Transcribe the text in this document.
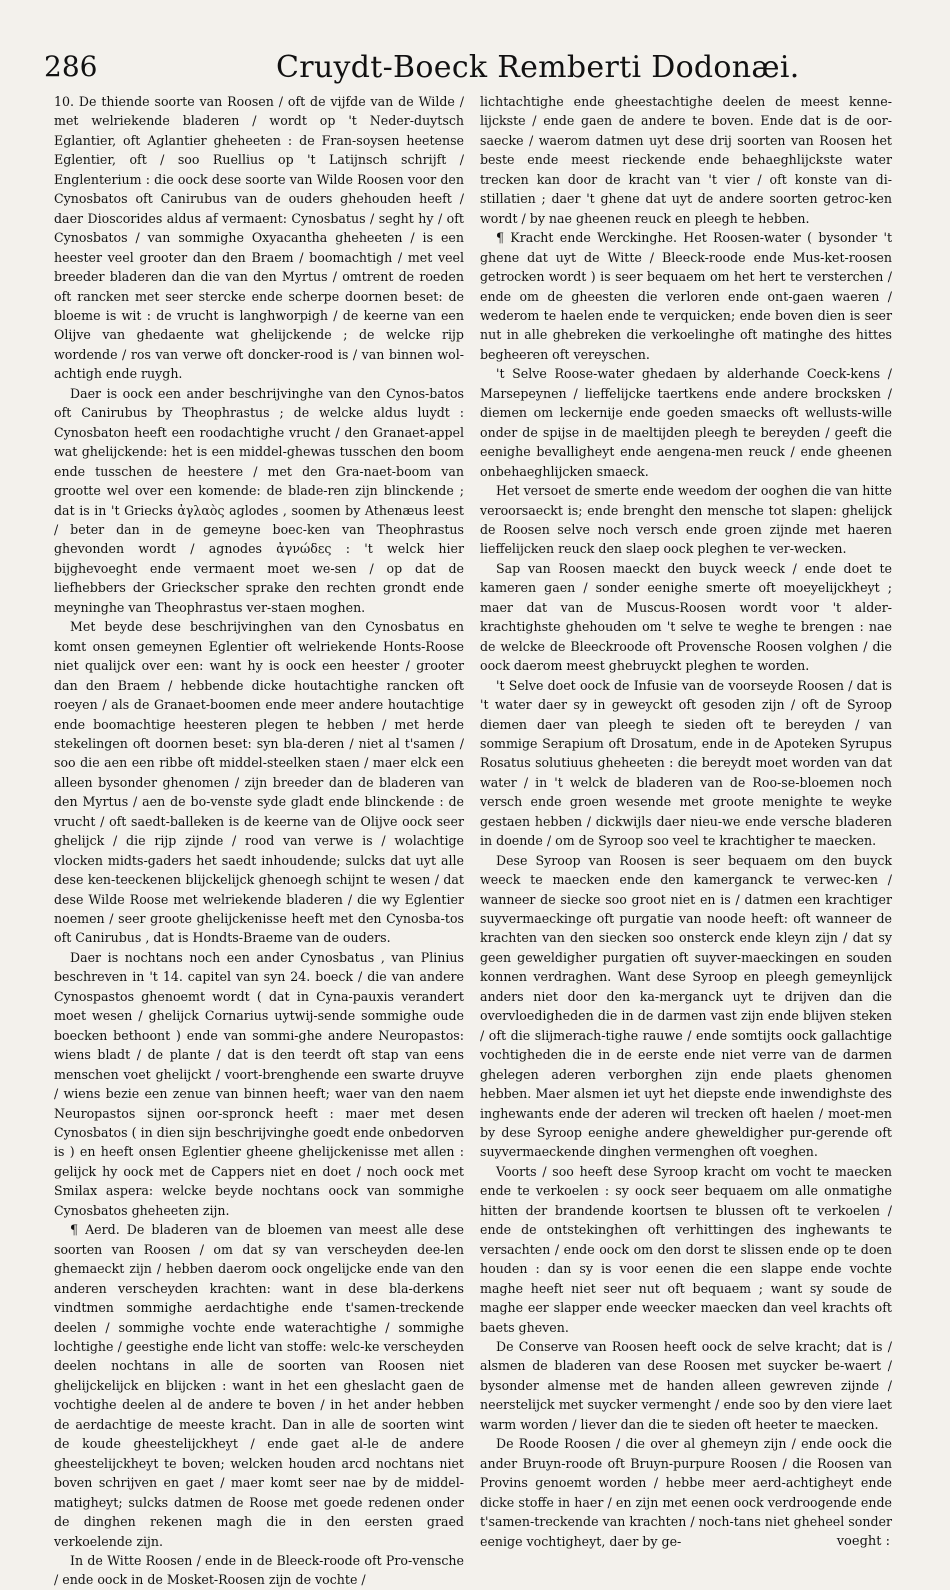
286	Cruydt-Boeck Remberti Dodonæi.

10. De thiende soorte van Roosen / oft de vijfde van de Wilde / met welriekende bladeren / wordt op 't Neder-duytsch Eglantier, oft Aglantier gheheeten : de Fran-soysen heetense Eglentier, oft / soo Ruellius op 't Latijnsch schrijft / Englenterium : die oock dese soorte van Wilde Roosen voor den Cynosbatos oft Canirubus van de ouders ghehouden heeft / daer Dioscorides aldus af vermaent: Cynosbatus / seght hy / oft Cynosbatos / van sommighe Oxyacantha gheheeten / is een heester veel grooter dan den Braem / boomachtigh / met veel breeder bladeren dan die van den Myrtus / omtrent de roeden oft rancken met seer stercke ende scherpe doornen beset: de bloeme is wit : de vrucht is langhworpigh / de keerne van een Olijve van ghedaente wat ghelijckende ; de welcke rijp wordende / ros van verwe oft doncker-rood is / van binnen wol-achtigh ende ruygh.

Daer is oock een ander beschrijvinghe van den Cynos-batos oft Canirubus by Theophrastus ; de welcke aldus luydt : Cynosbaton heeft een roodachtighe vrucht / den Granaet-appel wat ghelijckende: het is een middel-ghewas tusschen den boom ende tusschen de heestere / met den Gra-naet-boom van grootte wel over een komende: de blade-ren zijn blinckende ; dat is in 't Griecks ἀγλαὸς aglodes , soomen by Athenæus leest / beter dan in de gemeyne boec-ken van Theophrastus ghevonden wordt / agnodes ἀγνώδες : 't welck hier bijghevoeght ende vermaent moet we-sen / op dat de liefhebbers der Grieckscher sprake den rechten grondt ende meyninghe van Theophrastus ver-staen moghen.

Met beyde dese beschrijvinghen van den Cynosbatus en komt onsen gemeynen Eglentier oft welriekende Honts-Roose niet qualijck over een: want hy is oock een heester / grooter dan den Braem / hebbende dicke houtachtighe rancken oft roeyen / als de Granaet-boomen ende meer andere houtachtige ende boomachtige heesteren plegen te hebben / met herde stekelingen oft doornen beset: syn bla-deren / niet al t'samen / soo die aen een ribbe oft middel-steelken staen / maer elck een alleen bysonder ghenomen / zijn breeder dan de bladeren van den Myrtus / aen de bo-venste syde gladt ende blinckende : de vrucht / oft saedt-balleken is de keerne van de Olijve oock seer ghelijck / die rijp zijnde / rood van verwe is / wolachtige vlocken midts-gaders het saedt inhoudende; sulcks dat uyt alle dese ken-teeckenen blijckelijck ghenoegh schijnt te wesen / dat dese Wilde Roose met welriekende bladeren / die wy Eglentier noemen / seer groote ghelijckenisse heeft met den Cynosba-tos oft Canirubus , dat is Hondts-Braeme van de ouders.

Daer is nochtans noch een ander Cynosbatus , van Plinius beschreven in 't 14. capitel van syn 24. boeck / die van andere Cynospastos ghenoemt wordt ( dat in Cyna-pauxis verandert moet wesen / ghelijck Cornarius uytwij-sende sommighe oude boecken bethoont ) ende van sommi-ghe andere Neuropastos: wiens bladt / de plante / dat is den teerdt oft stap van eens menschen voet ghelijckt / voort-brenghende een swarte druyve / wiens bezie een zenue van binnen heeft; waer van den naem Neuropastos sijnen oor-spronck heeft : maer met desen Cynosbatos ( in dien sijn beschrijvinghe goedt ende onbedorven is ) en heeft onsen Eglentier gheene ghelijckenisse met allen : gelijck hy oock met de Cappers niet en doet / noch oock met Smilax aspera: welcke beyde nochtans oock van sommighe Cynosbatos gheheeten zijn.

¶ Aerd. De bladeren van de bloemen van meest alle dese soorten van Roosen / om dat sy van verscheyden dee-len ghemaeckt zijn / hebben daerom oock ongelijcke ende van den anderen verscheyden krachten: want in dese bla-derkens vindtmen sommighe aerdachtighe ende t'samen-treckende deelen / sommighe vochte ende waterachtighe / sommighe lochtighe / geestighe ende licht van stoffe: welc-ke verscheyden deelen nochtans in alle de soorten van Roosen niet ghelijckelijck en blijcken : want in het een gheslacht gaen de vochtighe deelen al de andere te boven / in het ander hebben de aerdachtige de meeste kracht. Dan in alle de soorten wint de koude gheestelijckheyt / ende gaet al-le de andere gheestelijckheyt te boven; welcken houden arcd nochtans niet boven schrijven en gaet / maer komt seer nae by de middel-matigheyt; sulcks datmen de Roose met goede redenen onder de dinghen rekenen magh die in den eersten graed verkoelende zijn.

In de Witte Roosen / ende in de Bleeck-roode oft Pro-vensche / ende oock in de Mosket-Roosen zijn de vochte /

lichtachtighe ende gheestachtighe deelen de meest kenne-lijckste / ende gaen de andere te boven. Ende dat is de oor-saecke / waerom datmen uyt dese drij soorten van Roosen het beste ende meest rieckende ende behaeghlijckste water trecken kan door de kracht van 't vier / oft konste van di-stillatien ; daer 't ghene dat uyt de andere soorten getroc-ken wordt / by nae gheenen reuck en pleegh te hebben.

¶ Kracht ende Werckinghe. Het Roosen-water ( bysonder 't ghene dat uyt de Witte / Bleeck-roode ende Mus-ket-roosen getrocken wordt ) is seer bequaem om het hert te versterchen / ende om de gheesten die verloren ende ont-gaen waeren / wederom te haelen ende te verquicken; ende boven dien is seer nut in alle ghebreken die verkoelinghe oft matinghe des hittes begheeren oft vereyschen.

't Selve Roose-water ghedaen by alderhande Coeck-kens / Marsepeynen / lieffelijcke taertkens ende andere brocksken / diemen om leckernije ende goeden smaecks oft wellusts-wille onder de spijse in de maeltijden pleegh te bereyden / geeft die eenighe bevalligheyt ende aengena-men reuck / ende gheenen onbehaeghlijcken smaeck.

Het versoet de smerte ende weedom der ooghen die van hitte veroorsaeckt is; ende brenght den mensche tot slapen: ghelijck de Roosen selve noch versch ende groen zijnde met haeren lieffelijcken reuck den slaep oock pleghen te ver-wecken.

Sap van Roosen maeckt den buyck weeck / ende doet te kameren gaen / sonder eenighe smerte oft moeyelijckheyt ; maer dat van de Muscus-Roosen wordt voor 't alder-krachtighste ghehouden om 't selve te weghe te brengen : nae de welcke de Bleeckroode oft Provensche Roosen volghen / die oock daerom meest ghebruyckt pleghen te worden.

't Selve doet oock de Infusie van de voorseyde Roosen / dat is 't water daer sy in geweyckt oft gesoden zijn / oft de Syroop diemen daer van pleegh te sieden oft te bereyden / van sommige Serapium oft Drosatum, ende in de Apoteken Syrupus Rosatus solutiuus gheheeten : die bereydt moet worden van dat water / in 't welck de bladeren van de Roo-se-bloemen noch versch ende groen wesende met groote menighte te weyke gestaen hebben / dickwijls daer nieu-we ende versche bladeren in doende / om de Syroop soo veel te krachtigher te maecken.

Dese Syroop van Roosen is seer bequaem om den buyck weeck te maecken ende den kamerganck te verwec-ken / wanneer de siecke soo groot niet en is / datmen een krachtiger suyvermaeckinge oft purgatie van noode heeft: oft wanneer de krachten van den siecken soo onsterck ende kleyn zijn / dat sy geen geweldigher purgatien oft suyver-maeckingen en souden konnen verdraghen. Want dese Syroop en pleegh gemeynlijck anders niet door den ka-merganck uyt te drijven dan die overvloedigheden die in de darmen vast zijn ende blijven steken / oft die slijmerach-tighe rauwe / ende somtijts oock gallachtige vochtigheden die in de eerste ende niet verre van de darmen ghelegen aderen verborghen zijn ende plaets ghenomen hebben. Maer alsmen iet uyt het diepste ende inwendighste des inghewants ende der aderen wil trecken oft haelen / moet-men by dese Syroop eenighe andere gheweldigher pur-gerende oft suyvermaeckende dinghen vermenghen oft voeghen.

Voorts / soo heeft dese Syroop kracht om vocht te maecken ende te verkoelen : sy oock seer bequaem om alle onmatighe hitten der brandende koortsen te blussen oft te verkoelen / ende de ontstekinghen oft verhittingen des inghewants te versachten / ende oock om den dorst te slissen ende op te doen houden : dan sy is voor eenen die een slappe ende vochte maghe heeft niet seer nut oft bequaem ; want sy soude de maghe eer slapper ende weecker maecken dan veel krachts oft baets gheven.

De Conserve van Roosen heeft oock de selve kracht; dat is / alsmen de bladeren van dese Roosen met suycker be-waert / bysonder almense met de handen alleen gewreven zijnde / neerstelijck met suycker vermenght / ende soo by den viere laet warm worden / liever dan die te sieden oft heeter te maecken.

De Roode Roosen / die over al ghemeyn zijn / ende oock die ander Bruyn-roode oft Bruyn-purpure Roosen / die Roosen van Provins genoemt worden / hebbe meer aerd-achtigheyt ende dicke stoffe in haer / en zijn met eenen oock verdroogende ende t'samen-treckende van krachten / noch-tans niet gheheel sonder eenige vochtigheyt, daer by ge-	voeght :
